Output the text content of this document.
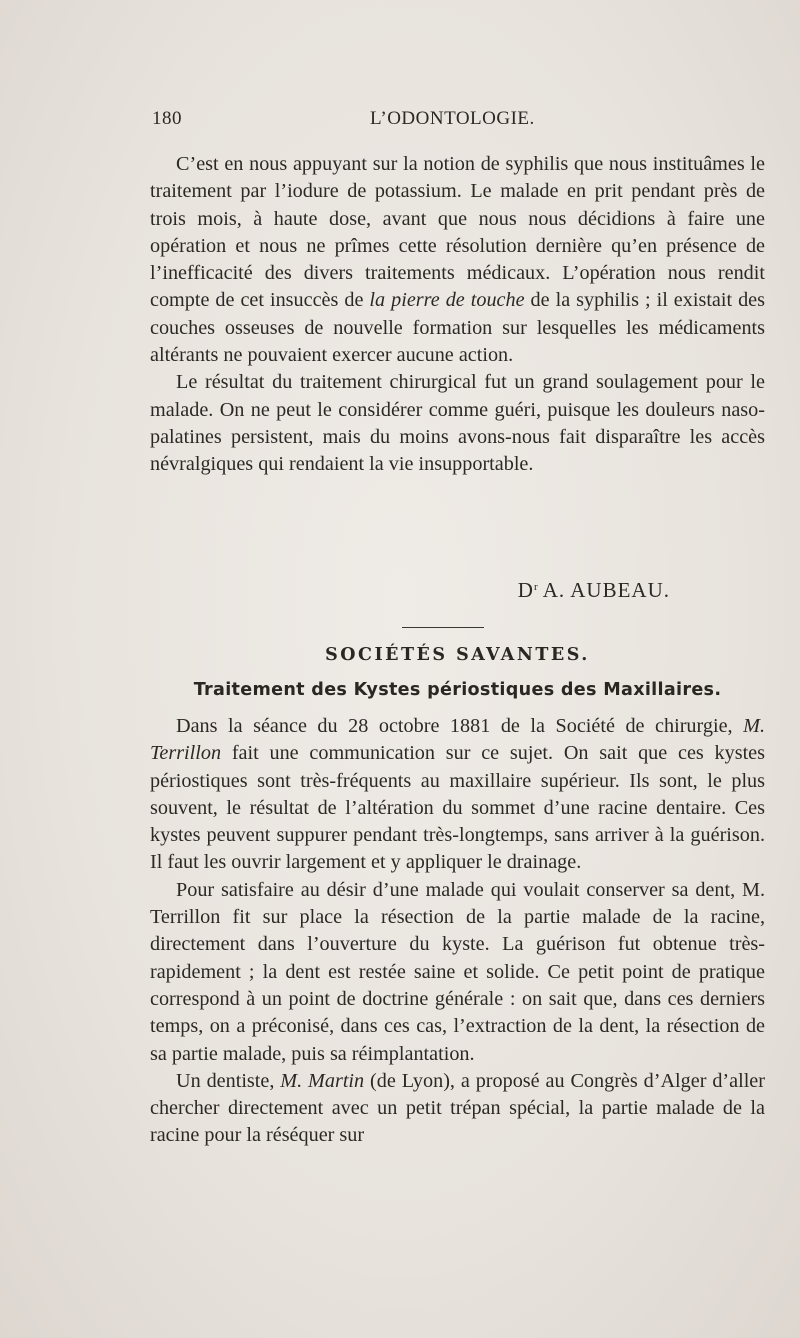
180	L’ODONTOLOGIE.

C’est en nous appuyant sur la notion de syphilis que nous instituâmes le traitement par l’iodure de potassium. Le malade en prit pendant près de trois mois, à haute dose, avant que nous nous décidions à faire une opération et nous ne prîmes cette résolution dernière qu’en présence de l’inefficacité des divers traitements médicaux. L’opération nous rendit compte de cet insuccès de la pierre de touche de la syphilis ; il existait des couches osseuses de nouvelle formation sur lesquelles les médicaments altérants ne pouvaient exercer aucune action.

Le résultat du traitement chirurgical fut un grand soulagement pour le malade. On ne peut le considérer comme guéri, puisque les douleurs naso-palatines persistent, mais du moins avons-nous fait disparaître les accès névralgiques qui rendaient la vie insupportable.

$D^r$ A. AUBEAU.
SOCIÉTÉS SAVANTES.
Traitement des Kystes périostiques des Maxillaires.

Dans la séance du 28 octobre 1881 de la Société de chirurgie, M. Terrillon fait une communication sur ce sujet. On sait que ces kystes périostiques sont très-fréquents au maxillaire supérieur. Ils sont, le plus souvent, le résultat de l’altération du sommet d’une racine dentaire. Ces kystes peuvent suppurer pendant très-longtemps, sans arriver à la guérison. Il faut les ouvrir largement et y appliquer le drainage.

Pour satisfaire au désir d’une malade qui voulait conserver sa dent, M. Terrillon fit sur place la résection de la partie malade de la racine, directement dans l’ouverture du kyste. La guérison fut obtenue très-rapidement ; la dent est restée saine et solide. Ce petit point de pratique correspond à un point de doctrine générale : on sait que, dans ces derniers temps, on a préconisé, dans ces cas, l’extraction de la dent, la résection de sa partie malade, puis sa réimplantation.

Un dentiste, M. Martin (de Lyon), a proposé au Congrès d’Alger d’aller chercher directement avec un petit trépan spécial, la partie malade de la racine pour la réséquer sur
